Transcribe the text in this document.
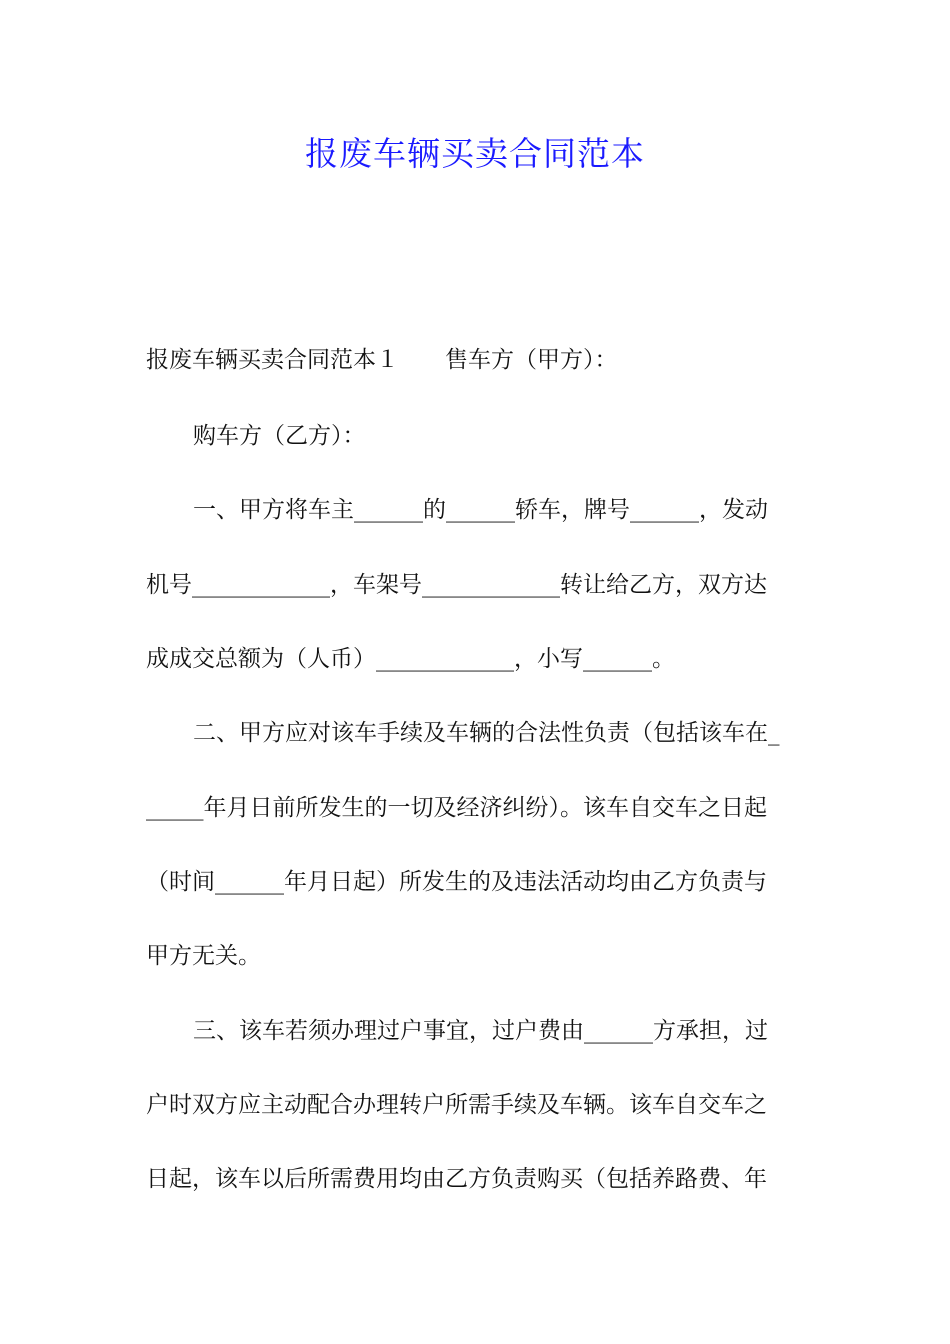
报废车辆买卖合同范本
报废车辆买卖合同范本１　　售车方（甲方）：
购车方（乙方）：
一、甲方将车主______的______轿车，牌号______，发动
机号____________，车架号____________转让给乙方，双方达
成成交总额为（人币）____________，小写______。
二、甲方应对该车手续及车辆的合法性负责（包括该车在_
_____年月日前所发生的一切及经济纠纷）。该车自交车之日起
（时间______年月日起）所发生的及违法活动均由乙方负责与
甲方无关。
三、该车若须办理过户事宜，过户费由______方承担，过
户时双方应主动配合办理转户所需手续及车辆。该车自交车之
日起，该车以后所需费用均由乙方负责购买（包括养路费、年
